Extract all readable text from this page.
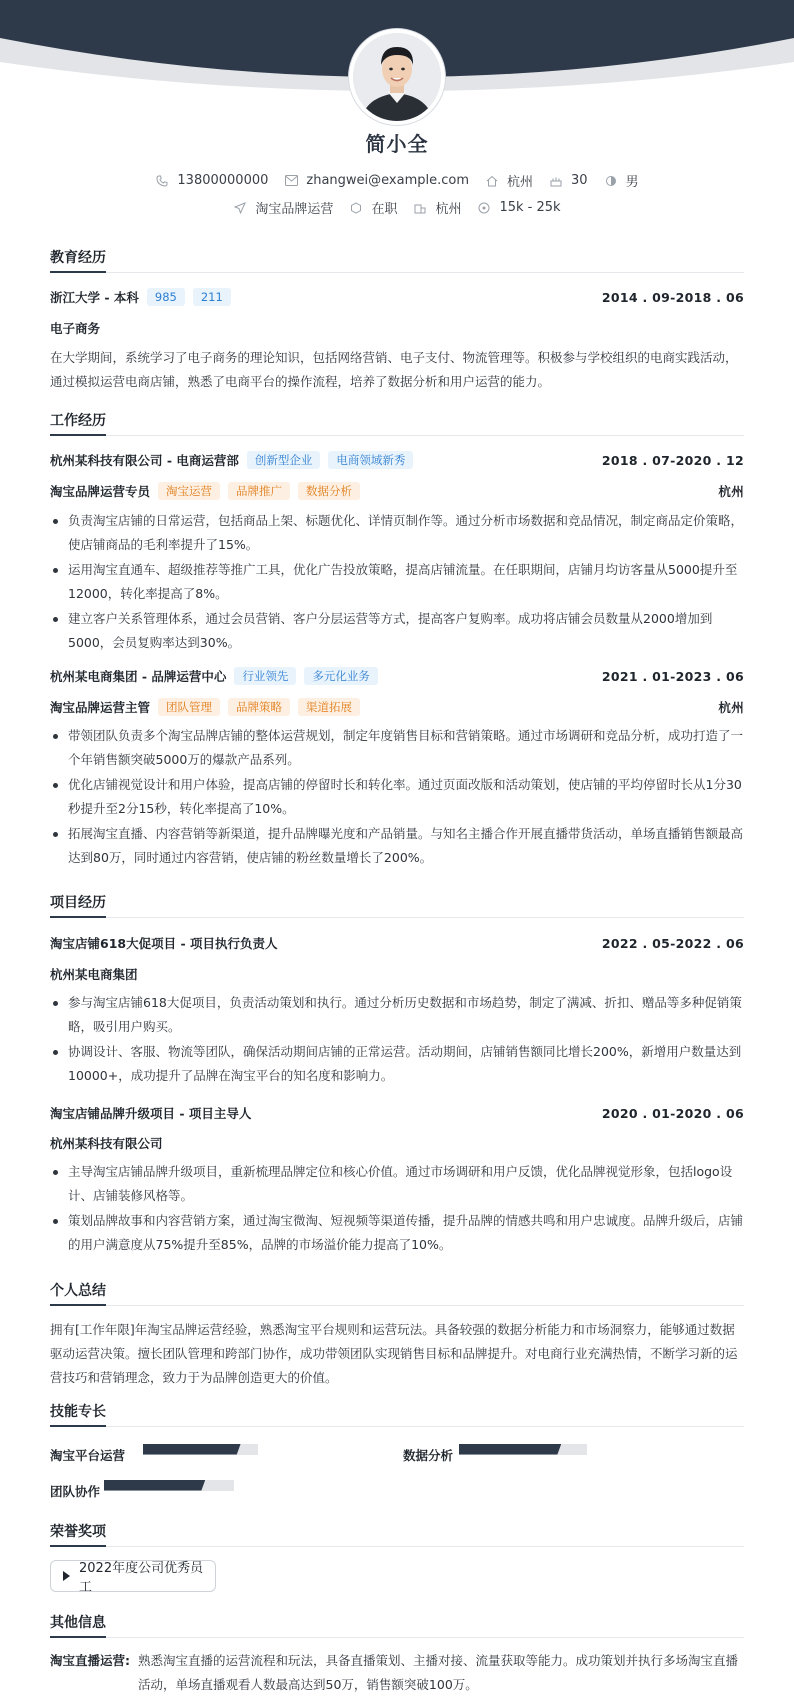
简小全
13800000000	zhangwei@example.com	杭州	30	男
淘宝品牌运营	在职	杭州	15k - 25k
教育经历
浙江大学 - 本科	985	211	2014 . 09-2018 . 06
电子商务
在大学期间，系统学习了电子商务的理论知识，包括网络营销、电子支付、物流管理等。积极参与学校组织的电商实践活动，通过模拟运营电商店铺，熟悉了电商平台的操作流程，培养了数据分析和用户运营的能力。
工作经历
杭州某科技有限公司 - 电商运营部	创新型企业	电商领域新秀	2018 . 07-2020 . 12
淘宝品牌运营专员	淘宝运营	品牌推广	数据分析	杭州
负责淘宝店铺的日常运营，包括商品上架、标题优化、详情页制作等。通过分析市场数据和竞品情况，制定商品定价策略，使店铺商品的毛利率提升了15%。
运用淘宝直通车、超级推荐等推广工具，优化广告投放策略，提高店铺流量。在任职期间，店铺月均访客量从5000提升至12000，转化率提高了8%。
建立客户关系管理体系，通过会员营销、客户分层运营等方式，提高客户复购率。成功将店铺会员数量从2000增加到5000，会员复购率达到30%。
杭州某电商集团 - 品牌运营中心	行业领先	多元化业务	2021 . 01-2023 . 06
淘宝品牌运营主管	团队管理	品牌策略	渠道拓展	杭州
带领团队负责多个淘宝品牌店铺的整体运营规划，制定年度销售目标和营销策略。通过市场调研和竞品分析，成功打造了一个年销售额突破5000万的爆款产品系列。
优化店铺视觉设计和用户体验，提高店铺的停留时长和转化率。通过页面改版和活动策划，使店铺的平均停留时长从1分30秒提升至2分15秒，转化率提高了10%。
拓展淘宝直播、内容营销等新渠道，提升品牌曝光度和产品销量。与知名主播合作开展直播带货活动，单场直播销售额最高达到80万，同时通过内容营销，使店铺的粉丝数量增长了200%。
项目经历
淘宝店铺618大促项目 - 项目执行负责人	2022 . 05-2022 . 06
杭州某电商集团
参与淘宝店铺618大促项目，负责活动策划和执行。通过分析历史数据和市场趋势，制定了满减、折扣、赠品等多种促销策略，吸引用户购买。
协调设计、客服、物流等团队，确保活动期间店铺的正常运营。活动期间，店铺销售额同比增长200%，新增用户数量达到10000+，成功提升了品牌在淘宝平台的知名度和影响力。
淘宝店铺品牌升级项目 - 项目主导人	2020 . 01-2020 . 06
杭州某科技有限公司
主导淘宝店铺品牌升级项目，重新梳理品牌定位和核心价值。通过市场调研和用户反馈，优化品牌视觉形象，包括logo设计、店铺装修风格等。
策划品牌故事和内容营销方案，通过淘宝微淘、短视频等渠道传播，提升品牌的情感共鸣和用户忠诚度。品牌升级后，店铺的用户满意度从75%提升至85%，品牌的市场溢价能力提高了10%。
个人总结
拥有[工作年限]年淘宝品牌运营经验，熟悉淘宝平台规则和运营玩法。具备较强的数据分析能力和市场洞察力，能够通过数据驱动运营决策。擅长团队管理和跨部门协作，成功带领团队实现销售目标和品牌提升。对电商行业充满热情，不断学习新的运营技巧和营销理念，致力于为品牌创造更大的价值。
技能专长
淘宝平台运营	数据分析
团队协作
荣誉奖项
2022年度公司优秀员工
其他信息
淘宝直播运营: 熟悉淘宝直播的运营流程和玩法，具备直播策划、主播对接、流量获取等能力。成功策划并执行多场淘宝直播活动，单场直播观看人数最高达到50万，销售额突破100万。
